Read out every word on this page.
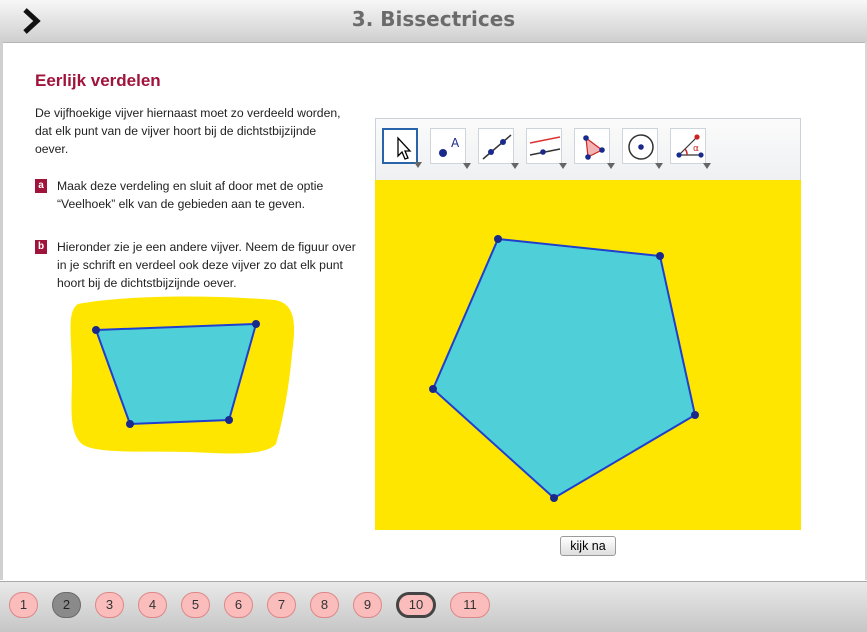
3. Bissectrices
Eerlijk verdelen

De vijfhoekige vijver hiernaast moet zo verdeeld worden, dat elk punt van de vijver hoort bij de dichtstbijzijnde oever.

a Maak deze verdeling en sluit af door met de optie “Veelhoek” elk van de gebieden aan te geven.
b Hieronder zie je een andere vijver. Neem de figuur over in je schrift en verdeel ook deze vijver zo dat elk punt hoort bij de dichtstbijzijnde oever.
A	α
kijk na
1	2	3	4	5	6	7	8	9	10	11
